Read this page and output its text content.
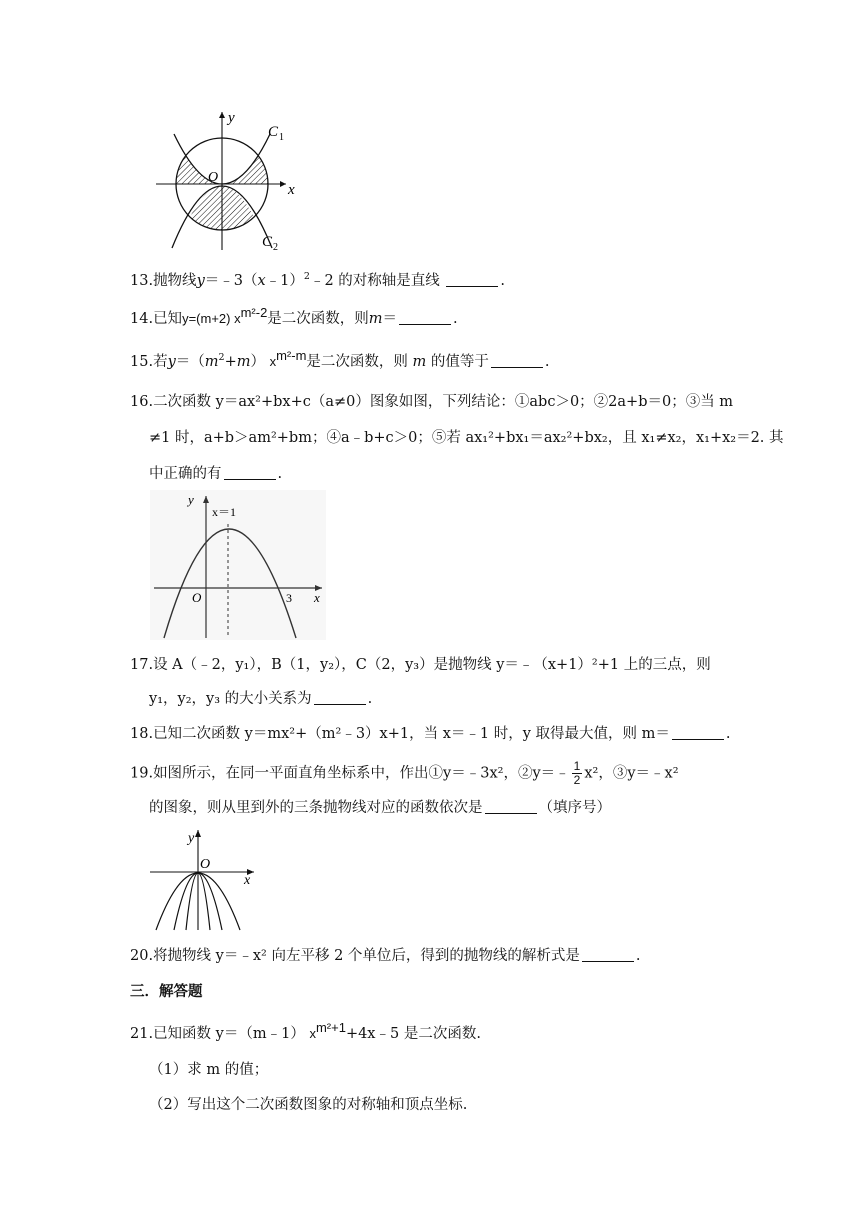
y
x
O
C 1
C 2
13.抛物线y＝﹣3（x﹣1）$^2$﹣2 的对称轴是直线	.
14.已知y=(m+2) $x^{m^2-2}$是二次函数，则m＝	.
15.若$y=(m^2+m)$ $x^{m^2-m}$是二次函数，则 m 的值等于	.
16.二次函数 y＝ax²+bx+c（a≠0）图象如图，下列结论：①abc＞0；②2a+b＝0；③当 m
≠1 时，a+b＞am²+bm；④a﹣b+c＞0；⑤若 ax₁²+bx₁＝ax₂²+bx₂，且 x₁≠x₂，x₁+x₂＝2. 其
中正确的有	.
y
x
O
x＝1
3
17.设 A（﹣2，y₁），B（1，y₂），C（2，y₃）是抛物线 y＝﹣（x+1）²+1 上的三点，则
y₁，y₂，y₃ 的大小关系为	.
18.已知二次函数 y＝mx²+（m²﹣3）x+1，当 x＝﹣1 时，y 取得最大值，则 m＝	.
19.如图所示，在同一平面直角坐标系中，作出①y＝﹣3x²，②y＝﹣ $\frac{1}{2} x^2$，③y＝﹣x²
的图象，则从里到外的三条抛物线对应的函数依次是	（填序号）
y
x
O
20.将抛物线 y＝﹣x² 向左平移 2 个单位后，得到的抛物线的解析式是	.
三．解答题
21.已知函数 y＝（m﹣1） $x^{m^2+1}+4x﹣5$ 是二次函数.
（1）求 m 的值；
（2）写出这个二次函数图象的对称轴和顶点坐标.
